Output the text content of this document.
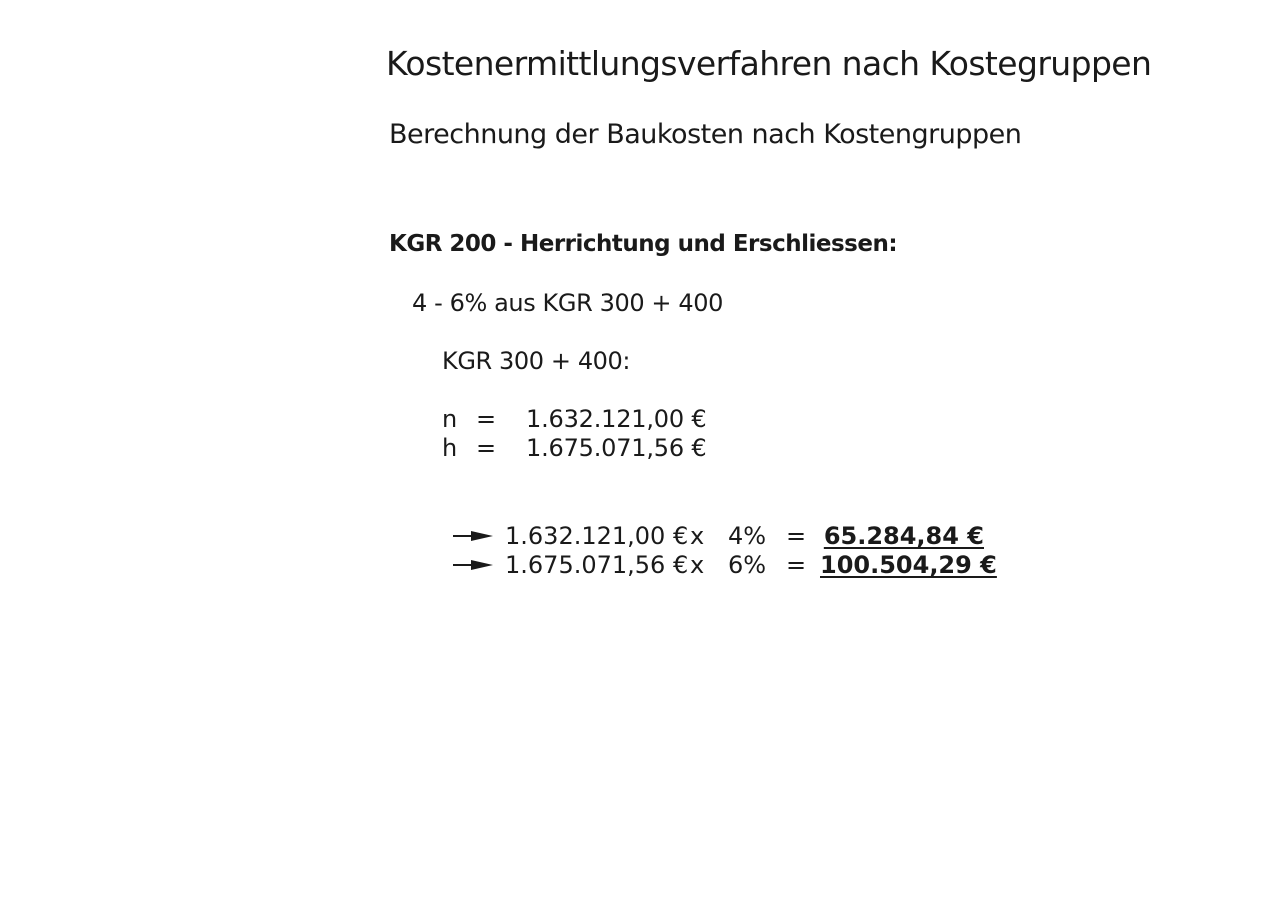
Kostenermittlungsverfahren nach Kostegruppen
Berechnung der Baukosten nach Kostengruppen
KGR 200 - Herrichtung und Erschliessen:
4 - 6% aus KGR 300 + 400
KGR 300 + 400:
n = 1.632.121,00 €
h = 1.675.071,56 €
1.632.121,00 € x 4% = 65.284,84 €
1.675.071,56 € x 6% = 100.504,29 €
